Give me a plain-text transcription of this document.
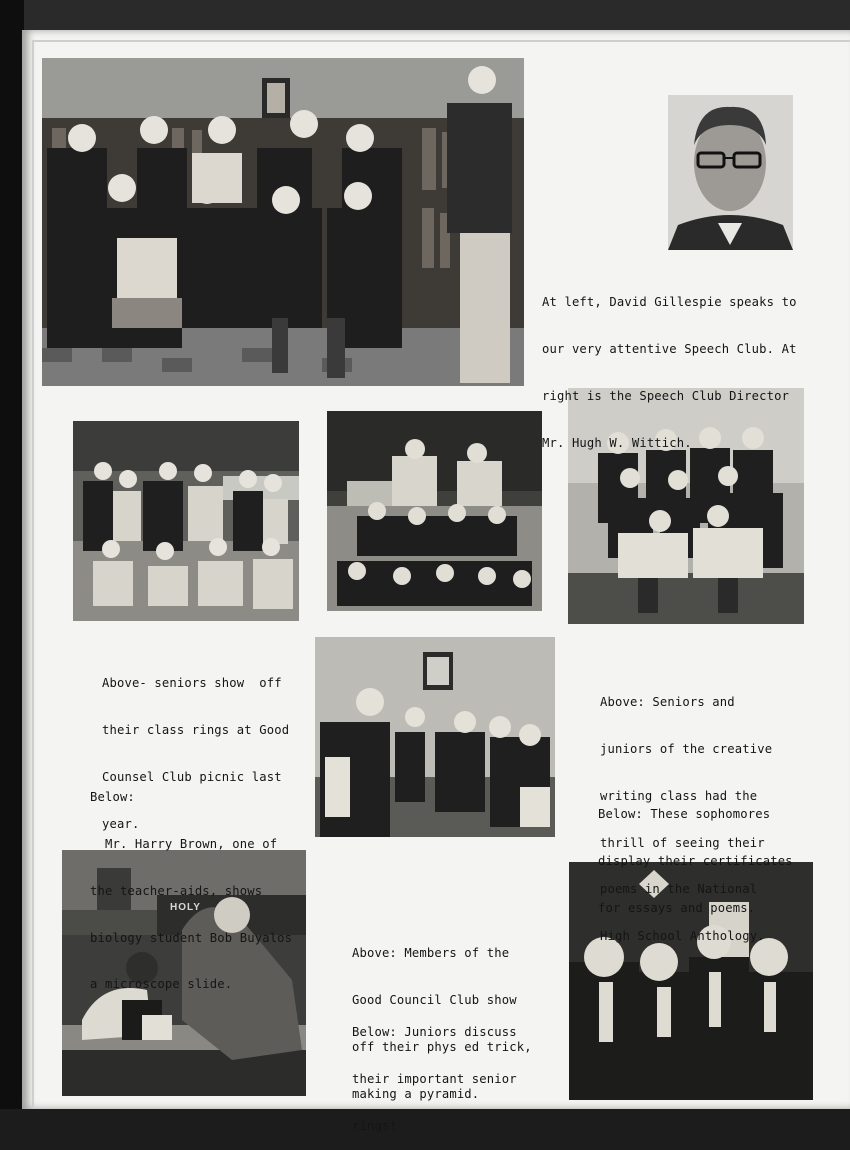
HOLY

At left, David Gillespie speaks to

our very attentive Speech Club. At

right is the Speech Club Director

Mr. Hugh W. Wittich.

Above- seniors show  off

their class rings at Good

Counsel Club picnic last

year.

Above: Seniors and

juniors of the creative

writing class had the

thrill of seeing their

poems in the National

High School Anthology.

Below:

Mr. Harry Brown, one of

the teacher-aids, shows

biology student Bob Buyalos

a microscope slide.

Below: These sophomores

display their certificates

for essays and poems.

Above: Members of the

Good Council Club show

off their phys ed trick,

making a pyramid.

Below: Juniors discuss

their important senior

rings!
